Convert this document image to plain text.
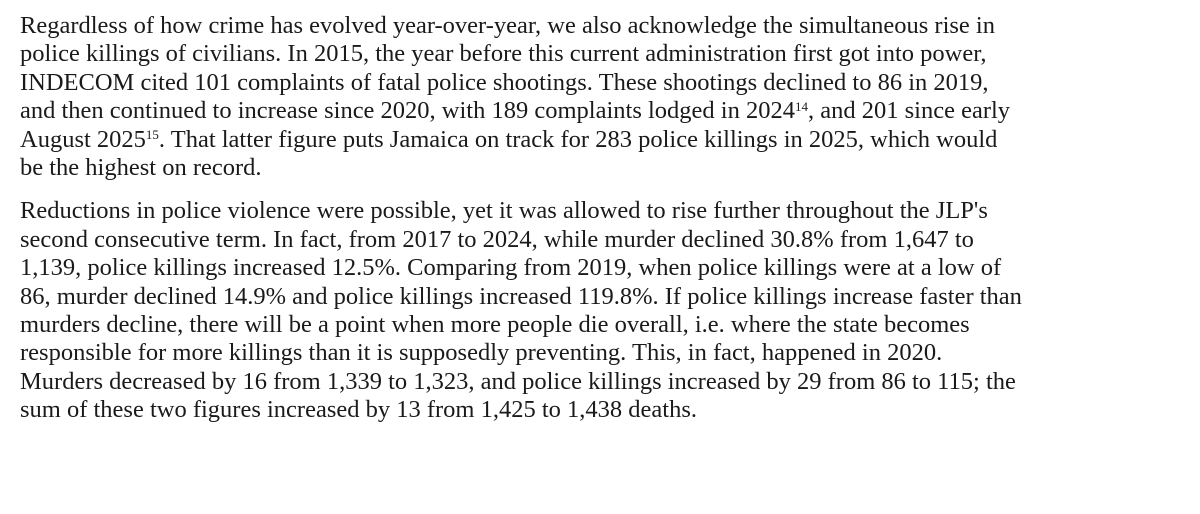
Regardless of how crime has evolved year-over-year, we also acknowledge the simultaneous rise in
police killings of civilians. In 2015, the year before this current administration first got into power,
INDECOM cited 101 complaints of fatal police shootings. These shootings declined to 86 in 2019,
and then continued to increase since 2020, with 189 complaints lodged in 2024$^{14}$, and 201 since early
August 2025$^{15}$. That latter figure puts Jamaica on track for 283 police killings in 2025, which would
be the highest on record.

Reductions in police violence were possible, yet it was allowed to rise further throughout the JLP's
second consecutive term. In fact, from 2017 to 2024, while murder declined 30.8% from 1,647 to
1,139, police killings increased 12.5%. Comparing from 2019, when police killings were at a low of
86, murder declined 14.9% and police killings increased 119.8%. If police killings increase faster than
murders decline, there will be a point when more people die overall, i.e. where the state becomes
responsible for more killings than it is supposedly preventing. This, in fact, happened in 2020.
Murders decreased by 16 from 1,339 to 1,323, and police killings increased by 29 from 86 to 115; the
sum of these two figures increased by 13 from 1,425 to 1,438 deaths.
